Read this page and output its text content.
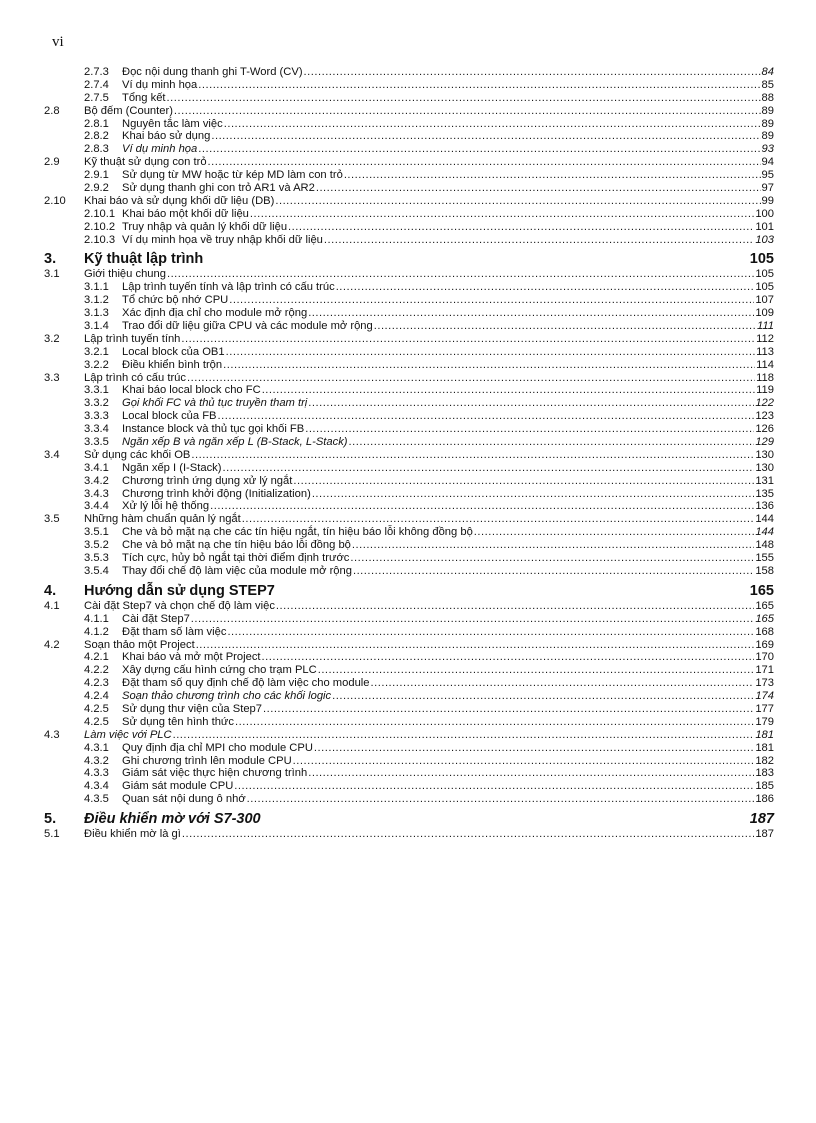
vi
2.7.3	Đọc nội dung thanh ghi T-Word (CV) .....	84
2.7.4	Ví dụ minh họa .....	85
2.7.5	Tổng kết .....	88
2.8	Bộ đếm (Counter) .....	89
2.8.1	Nguyên tắc làm việc .....	89
2.8.2	Khai báo sử dụng .....	89
2.8.3	Ví dụ minh họa .....	93
2.9	Kỹ thuật sử dụng con trỏ .....	94
2.9.1	Sử dụng từ MW hoặc từ kép MD làm con trỏ .....	95
2.9.2	Sử dụng thanh ghi con trỏ AR1 và AR2 .....	97
2.10	Khai báo và sử dụng khối dữ liệu (DB) .....	99
2.10.1 Khai báo một khối dữ liệu .....	100
2.10.2 Truy nhập và quản lý khối dữ liệu .....	101
2.10.3 Ví dụ minh họa về truy nhập khối dữ liệu .....	103
3.	Kỹ thuật lập trình	105
3.1	Giới thiệu chung .....	105
3.1.1	Lập trình tuyến tính và lập trình có cấu trúc .....	105
3.1.2	Tổ chức bộ nhớ CPU .....	107
3.1.3	Xác định địa chỉ cho module mở rộng .....	109
3.1.4	Trao đổi dữ liệu giữa CPU và các module mở rộng .....	111
3.2	Lập trình tuyến tính .....	112
3.2.1	Local block của OB1 .....	113
3.2.2	Điều khiển bình trộn .....	114
3.3	Lập trình có cấu trúc .....	118
3.3.1	Khai báo local block cho FC .....	119
3.3.2	Gọi khối FC và thủ tục truyền tham trị .....	122
3.3.3	Local block của FB .....	123
3.3.4	Instance block và thủ tục gọi khối FB .....	126
3.3.5	Ngăn xếp B và ngăn xếp L (B-Stack, L-Stack) .....	129
3.4	Sử dụng các khối OB .....	130
3.4.1	Ngăn xếp I (I-Stack) .....	130
3.4.2	Chương trình ứng dụng xử lý ngắt .....	131
3.4.3	Chương trình khởi động (Initialization) .....	135
3.4.4	Xử lý lỗi hệ thống .....	136
3.5	Những hàm chuẩn quản lý ngắt .....	144
3.5.1	Che và bỏ mặt nạ che các tín hiệu ngắt, tín hiệu báo lỗi không đồng bộ .....	144
3.5.2	Che và bỏ mặt nạ che tín hiệu báo lỗi đồng bộ .....	148
3.5.3	Tích cực, hủy bỏ ngắt tại thời điểm định trước .....	155
3.5.4	Thay đổi chế độ làm việc của module mở rộng .....	158
4.	Hướng dẫn sử dụng STEP7	165
4.1	Cài đặt Step7 và chọn chế độ làm việc .....	165
4.1.1	Cài đặt Step7 .....	165
4.1.2	Đặt tham số làm việc .....	168
4.2	Soạn thảo một Project .....	169
4.2.1	Khai báo và mở một Project .....	170
4.2.2	Xây dựng cấu hình cứng cho trạm PLC .....	171
4.2.3	Đặt tham số quy định chế độ làm việc cho module .....	173
4.2.4	Soạn thảo chương trình cho các khối logic .....	174
4.2.5	Sử dụng thư viện của Step7 .....	177
4.2.5	Sử dụng tên hình thức .....	179
4.3	Làm việc với PLC .....	181
4.3.1	Quy định địa chỉ MPI cho module CPU .....	181
4.3.2	Ghi chương trình lên module CPU .....	182
4.3.3	Giám sát việc thực hiện chương trình .....	183
4.3.4	Giám sát module CPU .....	185
4.3.5	Quan sát nội dung ô nhớ .....	186
5.	Điều khiển mờ với S7-300	187
5.1	Điều khiển mờ là gì .....	187
